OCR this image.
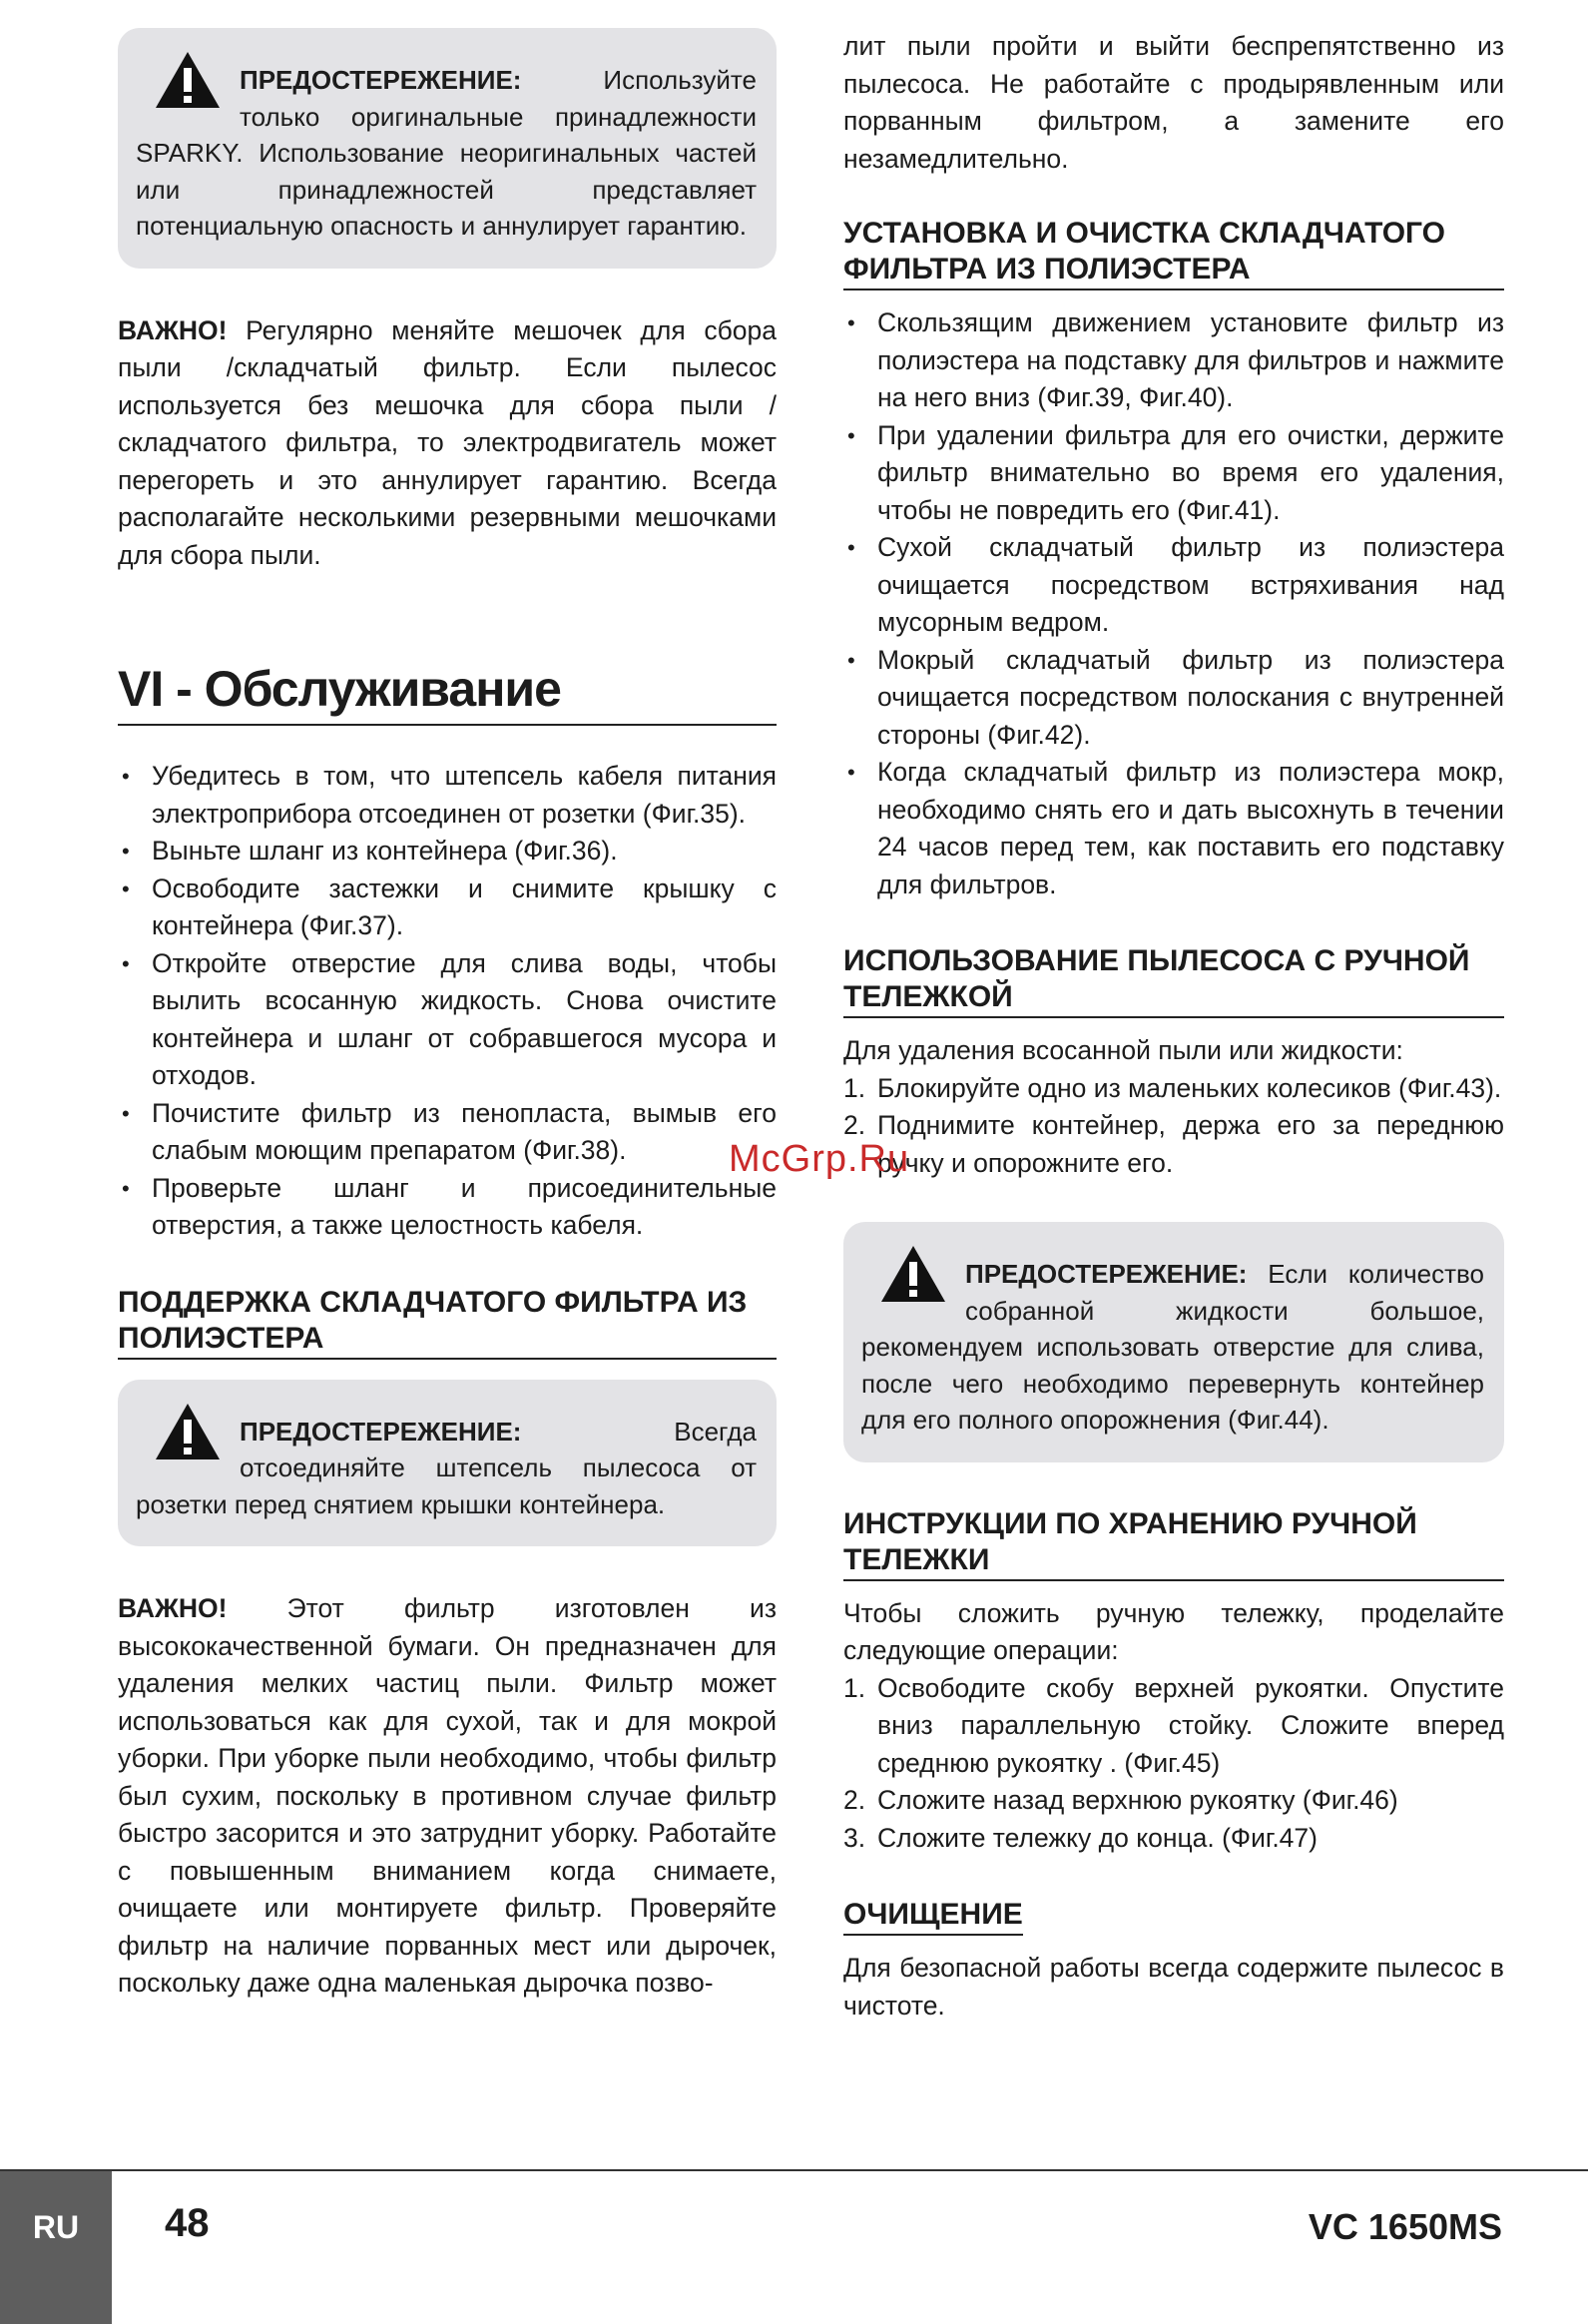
ПРЕДОСТЕРЕЖЕНИЕ: Используйте только оригинальные принадлежности SPARKY. Использование неоригинальных частей или принадлежностей представляет потенциальную опасность и аннулирует гарантию.

ВАЖНО! Регулярно меняйте мешочек для сбора пыли /складчатый фильтр. Если пылесос используется без мешочка для сбора пыли / складчатого фильтра, то электродвигатель может перегореть и это аннулирует гарантию. Всегда располагайте несколькими резервными мешочками для сбора пыли.

VI - Обслуживание
• Убедитесь в том, что штепсель кабеля питания электроприбора отсоединен от розетки (Фиг.35).
• Выньте шланг из контейнера (Фиг.36).
• Освободите застежки и снимите крышку с контейнера (Фиг.37).
• Откройте отверстие для слива воды, чтобы вылить всосанную жидкость. Снова очистите контейнера и шланг от собравшегося мусора и отходов.
• Почистите фильтр из пенопласта, вымыв его слабым моющим препаратом (Фиг.38).
• Проверьте шланг и присоединительные отверстия, а также целостность кабеля.
ПОДДЕРЖКА СКЛАДЧАТОГО ФИЛЬТРА ИЗ ПОЛИЭСТЕРА

ПРЕДОСТЕРЕЖЕНИЕ: Всегда отсоединяйте штепсель пылесоса от розетки перед снятием крышки контейнера.

ВАЖНО! Этот фильтр изготовлен из высококачественной бумаги. Он предназначен для удаления мелких частиц пыли. Фильтр может использоваться как для сухой, так и для мокрой уборки. При уборке пыли необходимо, чтобы фильтр был сухим, поскольку в противном случае фильтр быстро засорится и это затруднит уборку. Работайте с повышенным вниманием когда снимаете, очищаете или монтируете фильтр. Проверяйте фильтр на наличие порванных мест или дырочек, поскольку даже одна маленькая дырочка позво-

лит пыли пройти и выйти беспрепятственно из пылесоса. Не работайте с продырявленным или порванным фильтром, а замените его незамедлительно.

УСТАНОВКА И ОЧИСТКА СКЛАДЧАТОГО ФИЛЬТРА ИЗ ПОЛИЭСТЕРА
• Скользящим движением установите фильтр из полиэстера на подставку для фильтров и нажмите на него вниз (Фиг.39, Фиг.40).
• При удалении фильтра для его очистки, держите фильтр внимательно во время его удаления, чтобы не повредить его (Фиг.41).
• Сухой складчатый фильтр из полиэстера очищается посредством встряхивания над мусорным ведром.
• Мокрый складчатый фильтр из полиэстера очищается посредством полоскания с внутренней стороны (Фиг.42).
• Когда складчатый фильтр из полиэстера мокр, необходимо снять его и дать высохнуть в течении 24 часов перед тем, как поставить его подставку для фильтров.
ИСПОЛЬЗОВАНИЕ ПЫЛЕСОСА С РУЧНОЙ ТЕЛЕЖКОЙ

Для удаления всосанной пыли или жидкости:

1. Блокируйте одно из маленьких колесиков (Фиг.43).
2. Поднимите контейнер, держа его за переднюю ручку и опорожните его.

ПРЕДОСТЕРЕЖЕНИЕ: Если количество собранной жидкости большое, рекомендуем использовать отверстие для слива, после чего необходимо перевернуть контейнер для его полного опорожнения (Фиг.44).

ИНСТРУКЦИИ ПО ХРАНЕНИЮ РУЧНОЙ ТЕЛЕЖКИ

Чтобы сложить ручную тележку, проделайте следующие операции:

1. Освободите скобу верхней рукоятки. Опустите вниз параллельную стойку. Сложите вперед среднюю рукоятку . (Фиг.45)
2. Сложите назад верхнюю рукоятку (Фиг.46)
3. Сложите тележку до конца. (Фиг.47)
ОЧИЩЕНИЕ

Для безопасной работы всегда содержите пылесос в чистоте.

McGrp.Ru
RU	48	VC 1650MS
